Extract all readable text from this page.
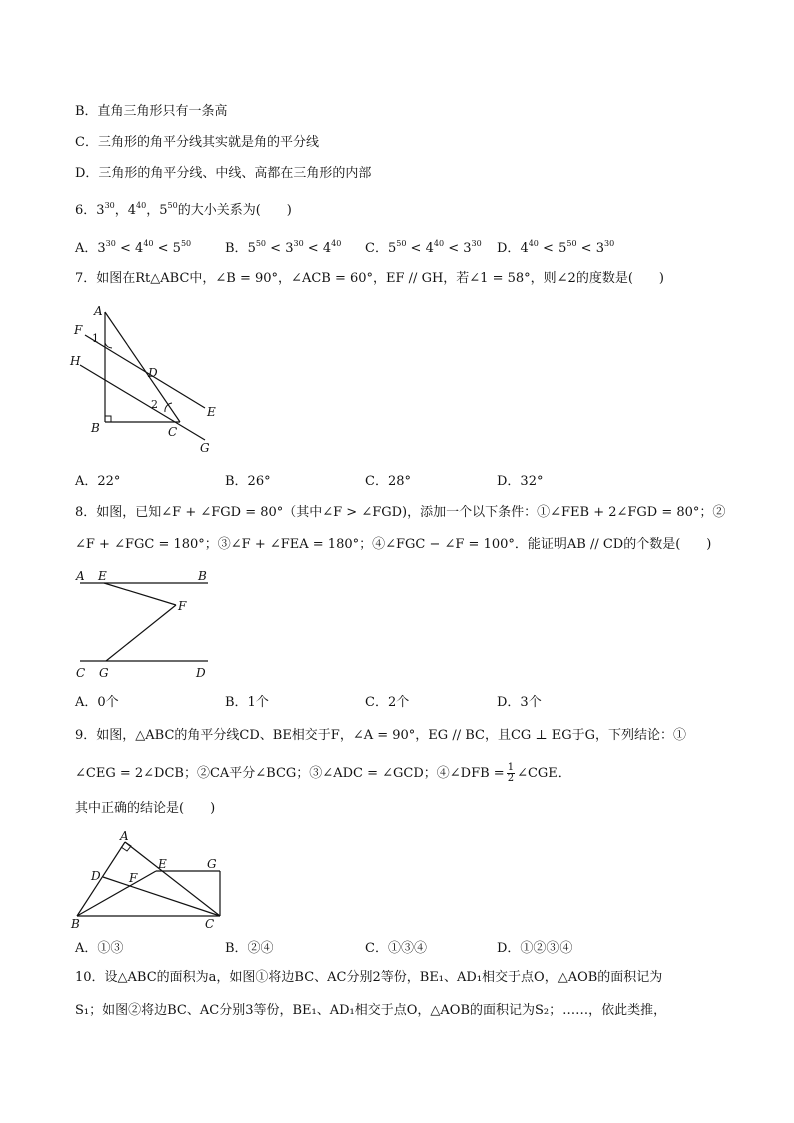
B．直角三角形只有一条高
C．三角形的角平分线其实就是角的平分线
D．三角形的角平分线、中线、高都在三角形的内部
6．$3^{30}$，$4^{40}$，$5^{50}$的大小关系为(　　)
A．$3^{30} < 4^{40} < 5^{50}$	B．$5^{50} < 3^{30} < 4^{40}$ C．$5^{50} < 4^{40} < 3^{30}$ D．$4^{40} < 5^{50} < 3^{30}$
7．如图在Rt△ABC中，∠B = 90°，∠ACB = 60°，EF // GH，若∠1 = 58°，则∠2的度数是(　　)
A
F
1
H
D
2
E
B	C
G
A．22°	B．26°	C．28°	D．32°
8．如图，已知∠F + ∠FGD = 80°（其中∠F > ∠FGD)，添加一个以下条件：①∠FEB + 2∠FGD = 80°；②
∠F + ∠FGC = 180°；③∠F + ∠FEA = 180°；④∠FGC − ∠F = 100°．能证明AB // CD的个数是(　　)
A E	B
F
C G	D
A．0个	B．1个	C．2个	D．3个
9．如图，△ABC的角平分线CD、BE相交于F，∠A = 90°，EG // BC，且CG ⊥ EG于G，下列结论：①
∠CEG = 2∠DCB；②CA平分∠BCG；③∠ADC = ∠GCD；④∠DFB = $\frac{1}{2}$ ∠CGE．
其中正确的结论是(　　)
A
E	G
D F
B	C
A．①③	B．②④	C．①③④	D．①②③④
10．设△ABC的面积为a，如图①将边BC、AC分别2等份，BE₁、AD₁相交于点O，△AOB的面积记为
S₁；如图②将边BC、AC分别3等份，BE₁、AD₁相交于点O，△AOB的面积记为S₂；……，依此类推，
